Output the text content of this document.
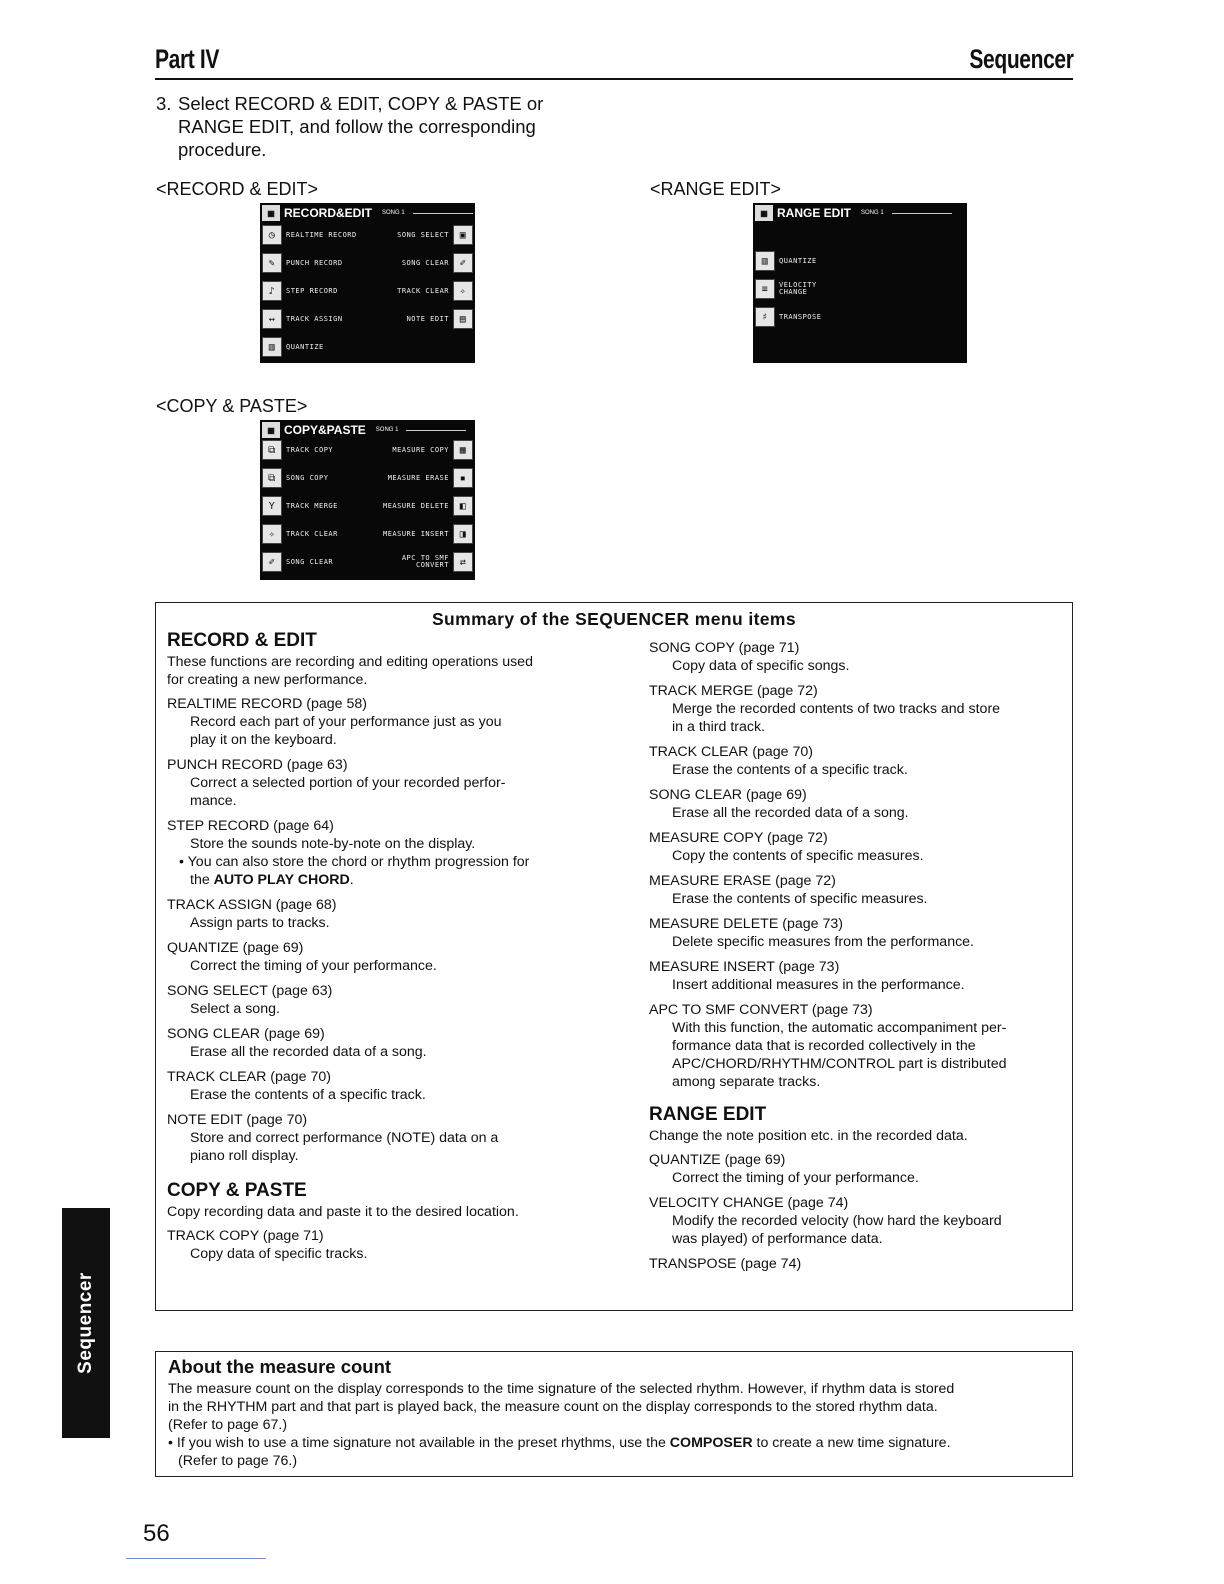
Part IV	Sequencer
3. Select RECORD & EDIT, COPY & PASTE or
RANGE EDIT, and follow the corresponding
procedure.
<RECORD & EDIT>	<RANGE EDIT>
<COPY & PASTE>
▦ RECORD&EDIT SONG 1
◷	REALTIME RECORD
✎	PUNCH RECORD
♪	STEP RECORD
↔	TRACK ASSIGN
▥	QUANTIZE
SONG SELECT	▣
SONG CLEAR	✐
TRACK CLEAR	✧
NOTE EDIT	▤
▦ RANGE EDIT SONG 1
▥	QUANTIZE
≡	VELOCITY CHANGE
♯	TRANSPOSE
▦ COPY&PASTE SONG 1
⧉	TRACK COPY
⧉	SONG COPY
Y	TRACK MERGE
✧	TRACK CLEAR
✐	SONG CLEAR
MEASURE COPY	▦
MEASURE ERASE	▪
MEASURE DELETE	◧
MEASURE INSERT	◨
APC TO SMF CONVERT	⇄
Summary of the SEQUENCER menu items
RECORD & EDIT
These functions are recording and editing operations used
for creating a new performance.
REALTIME RECORD (page 58)
Record each part of your performance just as you
play it on the keyboard.
PUNCH RECORD (page 63)
Correct a selected portion of your recorded perfor-
mance.
STEP RECORD (page 64)
Store the sounds note-by-note on the display.
• You can also store the chord or rhythm progression for
the AUTO PLAY CHORD.
TRACK ASSIGN (page 68)
Assign parts to tracks.
QUANTIZE (page 69)
Correct the timing of your performance.
SONG SELECT (page 63)
Select a song.
SONG CLEAR (page 69)
Erase all the recorded data of a song.
TRACK CLEAR (page 70)
Erase the contents of a specific track.
NOTE EDIT (page 70)
Store and correct performance (NOTE) data on a
piano roll display.
COPY & PASTE
Copy recording data and paste it to the desired location.
TRACK COPY (page 71)
Copy data of specific tracks.
SONG COPY (page 71)
Copy data of specific songs.
TRACK MERGE (page 72)
Merge the recorded contents of two tracks and store
in a third track.
TRACK CLEAR (page 70)
Erase the contents of a specific track.
SONG CLEAR (page 69)
Erase all the recorded data of a song.
MEASURE COPY (page 72)
Copy the contents of specific measures.
MEASURE ERASE (page 72)
Erase the contents of specific measures.
MEASURE DELETE (page 73)
Delete specific measures from the performance.
MEASURE INSERT (page 73)
Insert additional measures in the performance.
APC TO SMF CONVERT (page 73)
With this function, the automatic accompaniment per-
formance data that is recorded collectively in the
APC/CHORD/RHYTHM/CONTROL part is distributed
among separate tracks.
RANGE EDIT
Change the note position etc. in the recorded data.
QUANTIZE (page 69)
Correct the timing of your performance.
VELOCITY CHANGE (page 74)
Modify the recorded velocity (how hard the keyboard
was played) of performance data.
TRANSPOSE (page 74)
About the measure count
The measure count on the display corresponds to the time signature of the selected rhythm. However, if rhythm data is stored
in the RHYTHM part and that part is played back, the measure count on the display corresponds to the stored rhythm data.
(Refer to page 67.)
• If you wish to use a time signature not available in the preset rhythms, use the COMPOSER to create a new time signature.
(Refer to page 76.)
Sequencer
56
